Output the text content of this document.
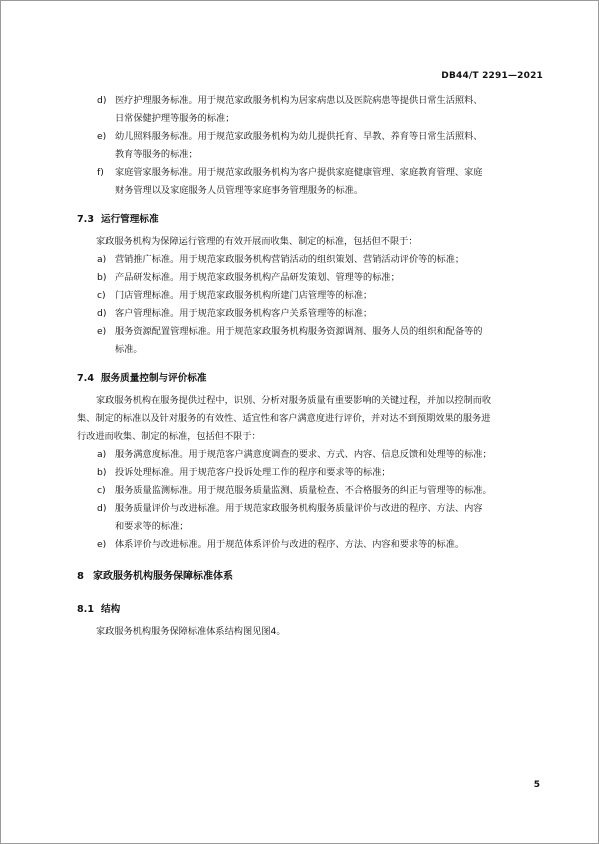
DB44/T 2291—2021
d) 医疗护理服务标准。用于规范家政服务机构为居家病患以及医院病患等提供日常生活照料、
日常保健护理等服务的标准；
e) 幼儿照料服务标准。用于规范家政服务机构为幼儿提供托育、早教、养育等日常生活照料、
教育等服务的标准；
f) 家庭管家服务标准。用于规范家政服务机构为客户提供家庭健康管理、家庭教育管理、家庭
财务管理以及家庭服务人员管理等家庭事务管理服务的标准。
7.3 运行管理标准
家政服务机构为保障运行管理的有效开展而收集、制定的标准，包括但不限于：
a) 营销推广标准。用于规范家政服务机构营销活动的组织策划、营销活动评价等的标准；
b) 产品研发标准。用于规范家政服务机构产品研发策划、管理等的标准；
c) 门店管理标准。用于规范家政服务机构所建门店管理等的标准；
d) 客户管理标准。用于规范家政服务机构客户关系管理等的标准；
e) 服务资源配置管理标准。用于规范家政服务机构服务资源调剂、服务人员的组织和配备等的
标准。
7.4 服务质量控制与评价标准
家政服务机构在服务提供过程中，识别、分析对服务质量有重要影响的关键过程，并加以控制而收
集、制定的标准以及针对服务的有效性、适宜性和客户满意度进行评价，并对达不到预期效果的服务进
行改进而收集、制定的标准，包括但不限于：
a) 服务满意度标准。用于规范客户满意度调查的要求、方式、内容、信息反馈和处理等的标准；
b) 投诉处理标准。用于规范客户投诉处理工作的程序和要求等的标准；
c) 服务质量监测标准。用于规范服务质量监测、质量检查、不合格服务的纠正与管理等的标准。
d) 服务质量评价与改进标准。用于规范家政服务机构服务质量评价与改进的程序、方法、内容
和要求等的标准；
e) 体系评价与改进标准。用于规范体系评价与改进的程序、方法、内容和要求等的标准。
8 家政服务机构服务保障标准体系
8.1 结构
家政服务机构服务保障标准体系结构图见图4。
5
